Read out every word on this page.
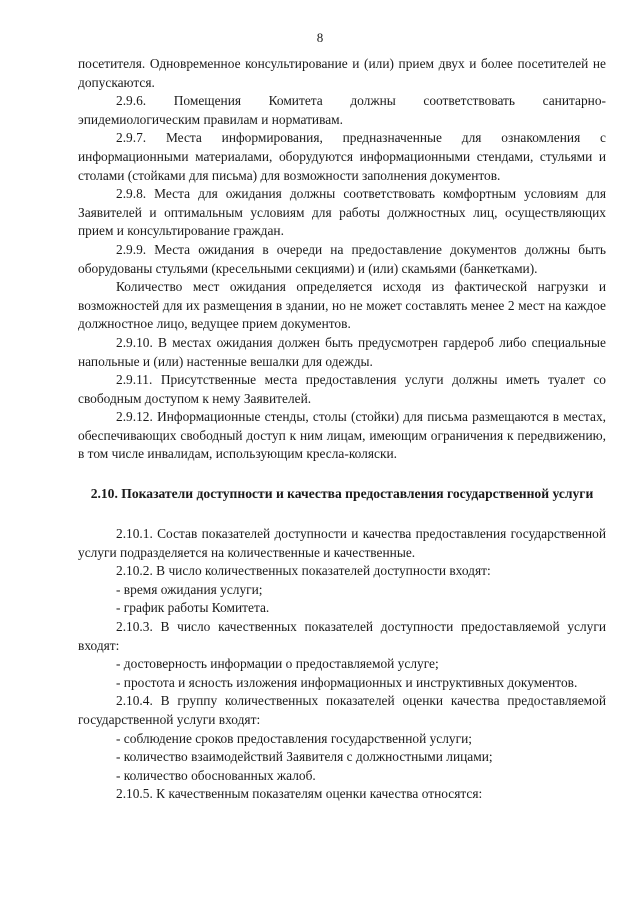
8

посетителя. Одновременное консультирование и (или) прием двух и более посетителей не допускаются.

2.9.6. Помещения Комитета должны соответствовать санитарно-эпидемиологическим правилам и нормативам.

2.9.7. Места информирования, предназначенные для ознакомления с информационными материалами, оборудуются информационными стендами, стульями и столами (стойками для письма) для возможности заполнения документов.

2.9.8. Места для ожидания должны соответствовать комфортным условиям для Заявителей и оптимальным условиям для работы должностных лиц, осуществляющих прием и консультирование граждан.

2.9.9. Места ожидания в очереди на предоставление документов должны быть оборудованы стульями (кресельными секциями) и (или) скамьями (банкетками).

Количество мест ожидания определяется исходя из фактической нагрузки и возможностей для их размещения в здании, но не может составлять менее 2 мест на каждое должностное лицо, ведущее прием документов.

2.9.10. В местах ожидания должен быть предусмотрен гардероб либо специальные напольные и (или) настенные вешалки для одежды.

2.9.11. Присутственные места предоставления услуги должны иметь туалет со свободным доступом к нему Заявителей.

2.9.12. Информационные стенды, столы (стойки) для письма размещаются в местах, обеспечивающих свободный доступ к ним лицам, имеющим ограничения к передвижению, в том числе инвалидам, использующим кресла-коляски.

2.10. Показатели доступности и качества предоставления государственной услуги

2.10.1. Состав показателей доступности и качества предоставления государственной услуги подразделяется на количественные и качественные.

2.10.2. В число количественных показателей доступности входят:

- время ожидания услуги;

- график работы Комитета.

2.10.3. В число качественных показателей доступности предоставляемой услуги входят:

- достоверность информации о предоставляемой услуге;

- простота и ясность изложения информационных и инструктивных документов.

2.10.4. В группу количественных показателей оценки качества предоставляемой государственной услуги входят:

- соблюдение сроков предоставления государственной услуги;

- количество взаимодействий Заявителя с должностными лицами;

- количество обоснованных жалоб.

2.10.5. К качественным показателям оценки качества относятся:
